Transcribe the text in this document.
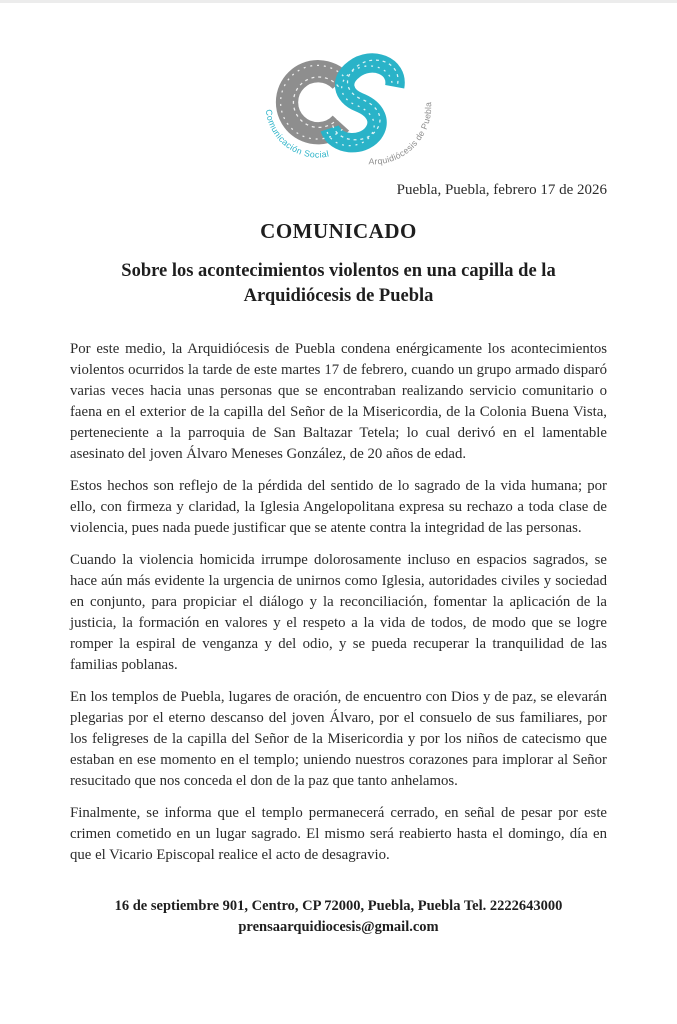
Comunicación Social
Arquidiócesis de Puebla
Puebla, Puebla, febrero 17 de 2026
COMUNICADO
Sobre los acontecimientos violentos en una capilla de la Arquidiócesis de Puebla

Por este medio, la Arquidiócesis de Puebla condena enérgicamente los acontecimientos violentos ocurridos la tarde de este martes 17 de febrero, cuando un grupo armado disparó varias veces hacia unas personas que se encontraban realizando servicio comunitario o faena en el exterior de la capilla del Señor de la Misericordia, de la Colonia Buena Vista, perteneciente a la parroquia de San Baltazar Tetela; lo cual derivó en el lamentable asesinato del joven Álvaro Meneses González, de 20 años de edad.

Estos hechos son reflejo de la pérdida del sentido de lo sagrado de la vida humana; por ello, con firmeza y claridad, la Iglesia Angelopolitana expresa su rechazo a toda clase de violencia, pues nada puede justificar que se atente contra la integridad de las personas.

Cuando la violencia homicida irrumpe dolorosamente incluso en espacios sagrados, se hace aún más evidente la urgencia de unirnos como Iglesia, autoridades civiles y sociedad en conjunto, para propiciar el diálogo y la reconciliación, fomentar la aplicación de la justicia, la formación en valores y el respeto a la vida de todos, de modo que se logre romper la espiral de venganza y del odio, y se pueda recuperar la tranquilidad de las familias poblanas.

En los templos de Puebla, lugares de oración, de encuentro con Dios y de paz, se elevarán plegarias por el eterno descanso del joven Álvaro, por el consuelo de sus familiares, por los feligreses de la capilla del Señor de la Misericordia y por los niños de catecismo que estaban en ese momento en el templo; uniendo nuestros corazones para implorar al Señor resucitado que nos conceda el don de la paz que tanto anhelamos.

Finalmente, se informa que el templo permanecerá cerrado, en señal de pesar por este crimen cometido en un lugar sagrado. El mismo será reabierto hasta el domingo, día en que el Vicario Episcopal realice el acto de desagravio.

16 de septiembre 901, Centro, CP 72000, Puebla, Puebla Tel. 2222643000
prensaarquidiocesis@gmail.com
